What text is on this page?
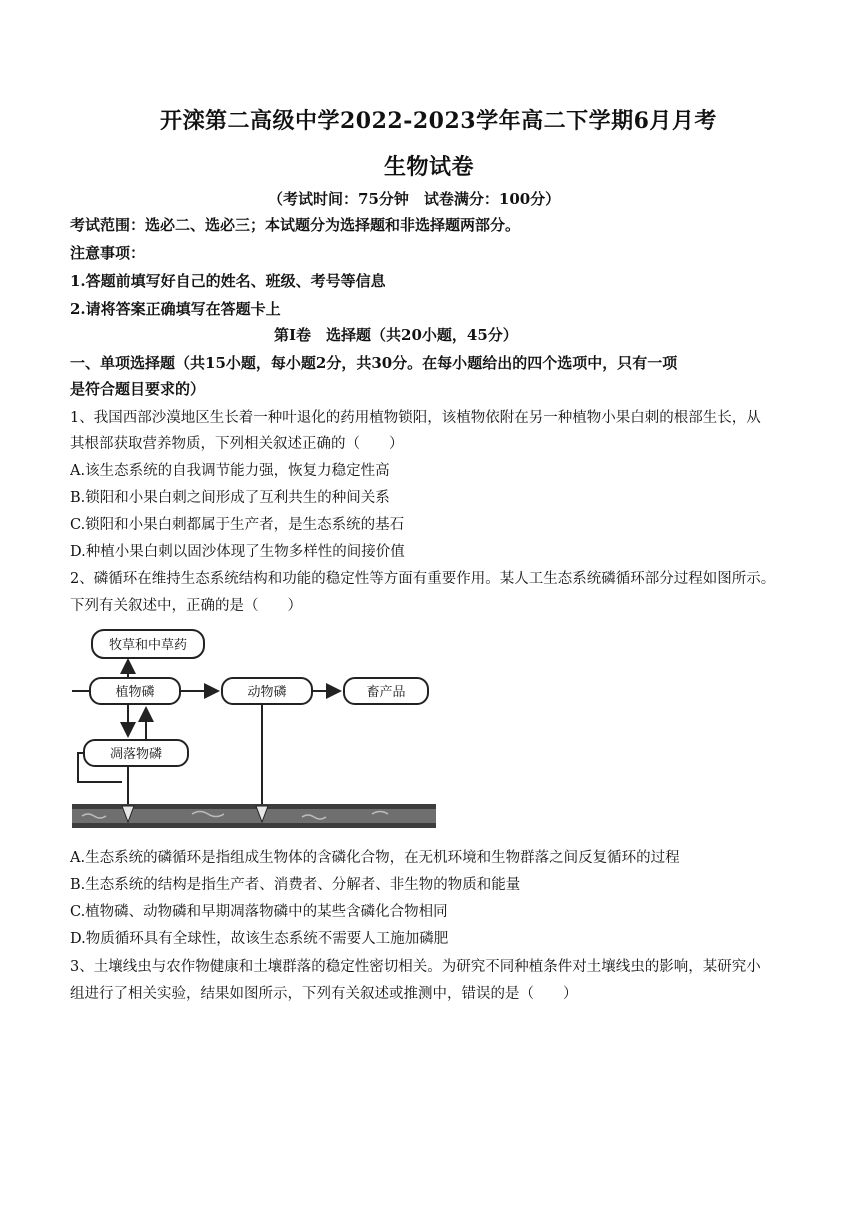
开滦第二高级中学2022-2023学年高二下学期6月月考
生物试卷
（考试时间：75分钟　试卷满分：100分）
考试范围：选必二、选必三；本试题分为选择题和非选择题两部分。
注意事项：
1.答题前填写好自己的姓名、班级、考号等信息
2.请将答案正确填写在答题卡上
第I卷　选择题（共20小题，45分）
一、单项选择题（共15小题，每小题2分，共30分。在每小题给出的四个选项中，只有一项
是符合题目要求的）
1、我国西部沙漠地区生长着一种叶退化的药用植物锁阳，该植物依附在另一种植物小果白刺的根部生长，从
其根部获取营养物质，下列相关叙述正确的（　　）
A.该生态系统的自我调节能力强，恢复力稳定性高
B.锁阳和小果白刺之间形成了互利共生的种间关系
C.锁阳和小果白刺都属于生产者，是生态系统的基石
D.种植小果白刺以固沙体现了生物多样性的间接价值
2、磷循环在维持生态系统结构和功能的稳定性等方面有重要作用。某人工生态系统磷循环部分过程如图所示。
下列有关叙述中，正确的是（　　）
牧草和中草药
植物磷	动物磷	畜产品
凋落物磷
A.生态系统的磷循环是指组成生物体的含磷化合物，在无机环境和生物群落之间反复循环的过程
B.生态系统的结构是指生产者、消费者、分解者、非生物的物质和能量
C.植物磷、动物磷和早期凋落物磷中的某些含磷化合物相同
D.物质循环具有全球性，故该生态系统不需要人工施加磷肥
3、土壤线虫与农作物健康和土壤群落的稳定性密切相关。为研究不同种植条件对土壤线虫的影响，某研究小
组进行了相关实验，结果如图所示，下列有关叙述或推测中，错误的是（　　）
